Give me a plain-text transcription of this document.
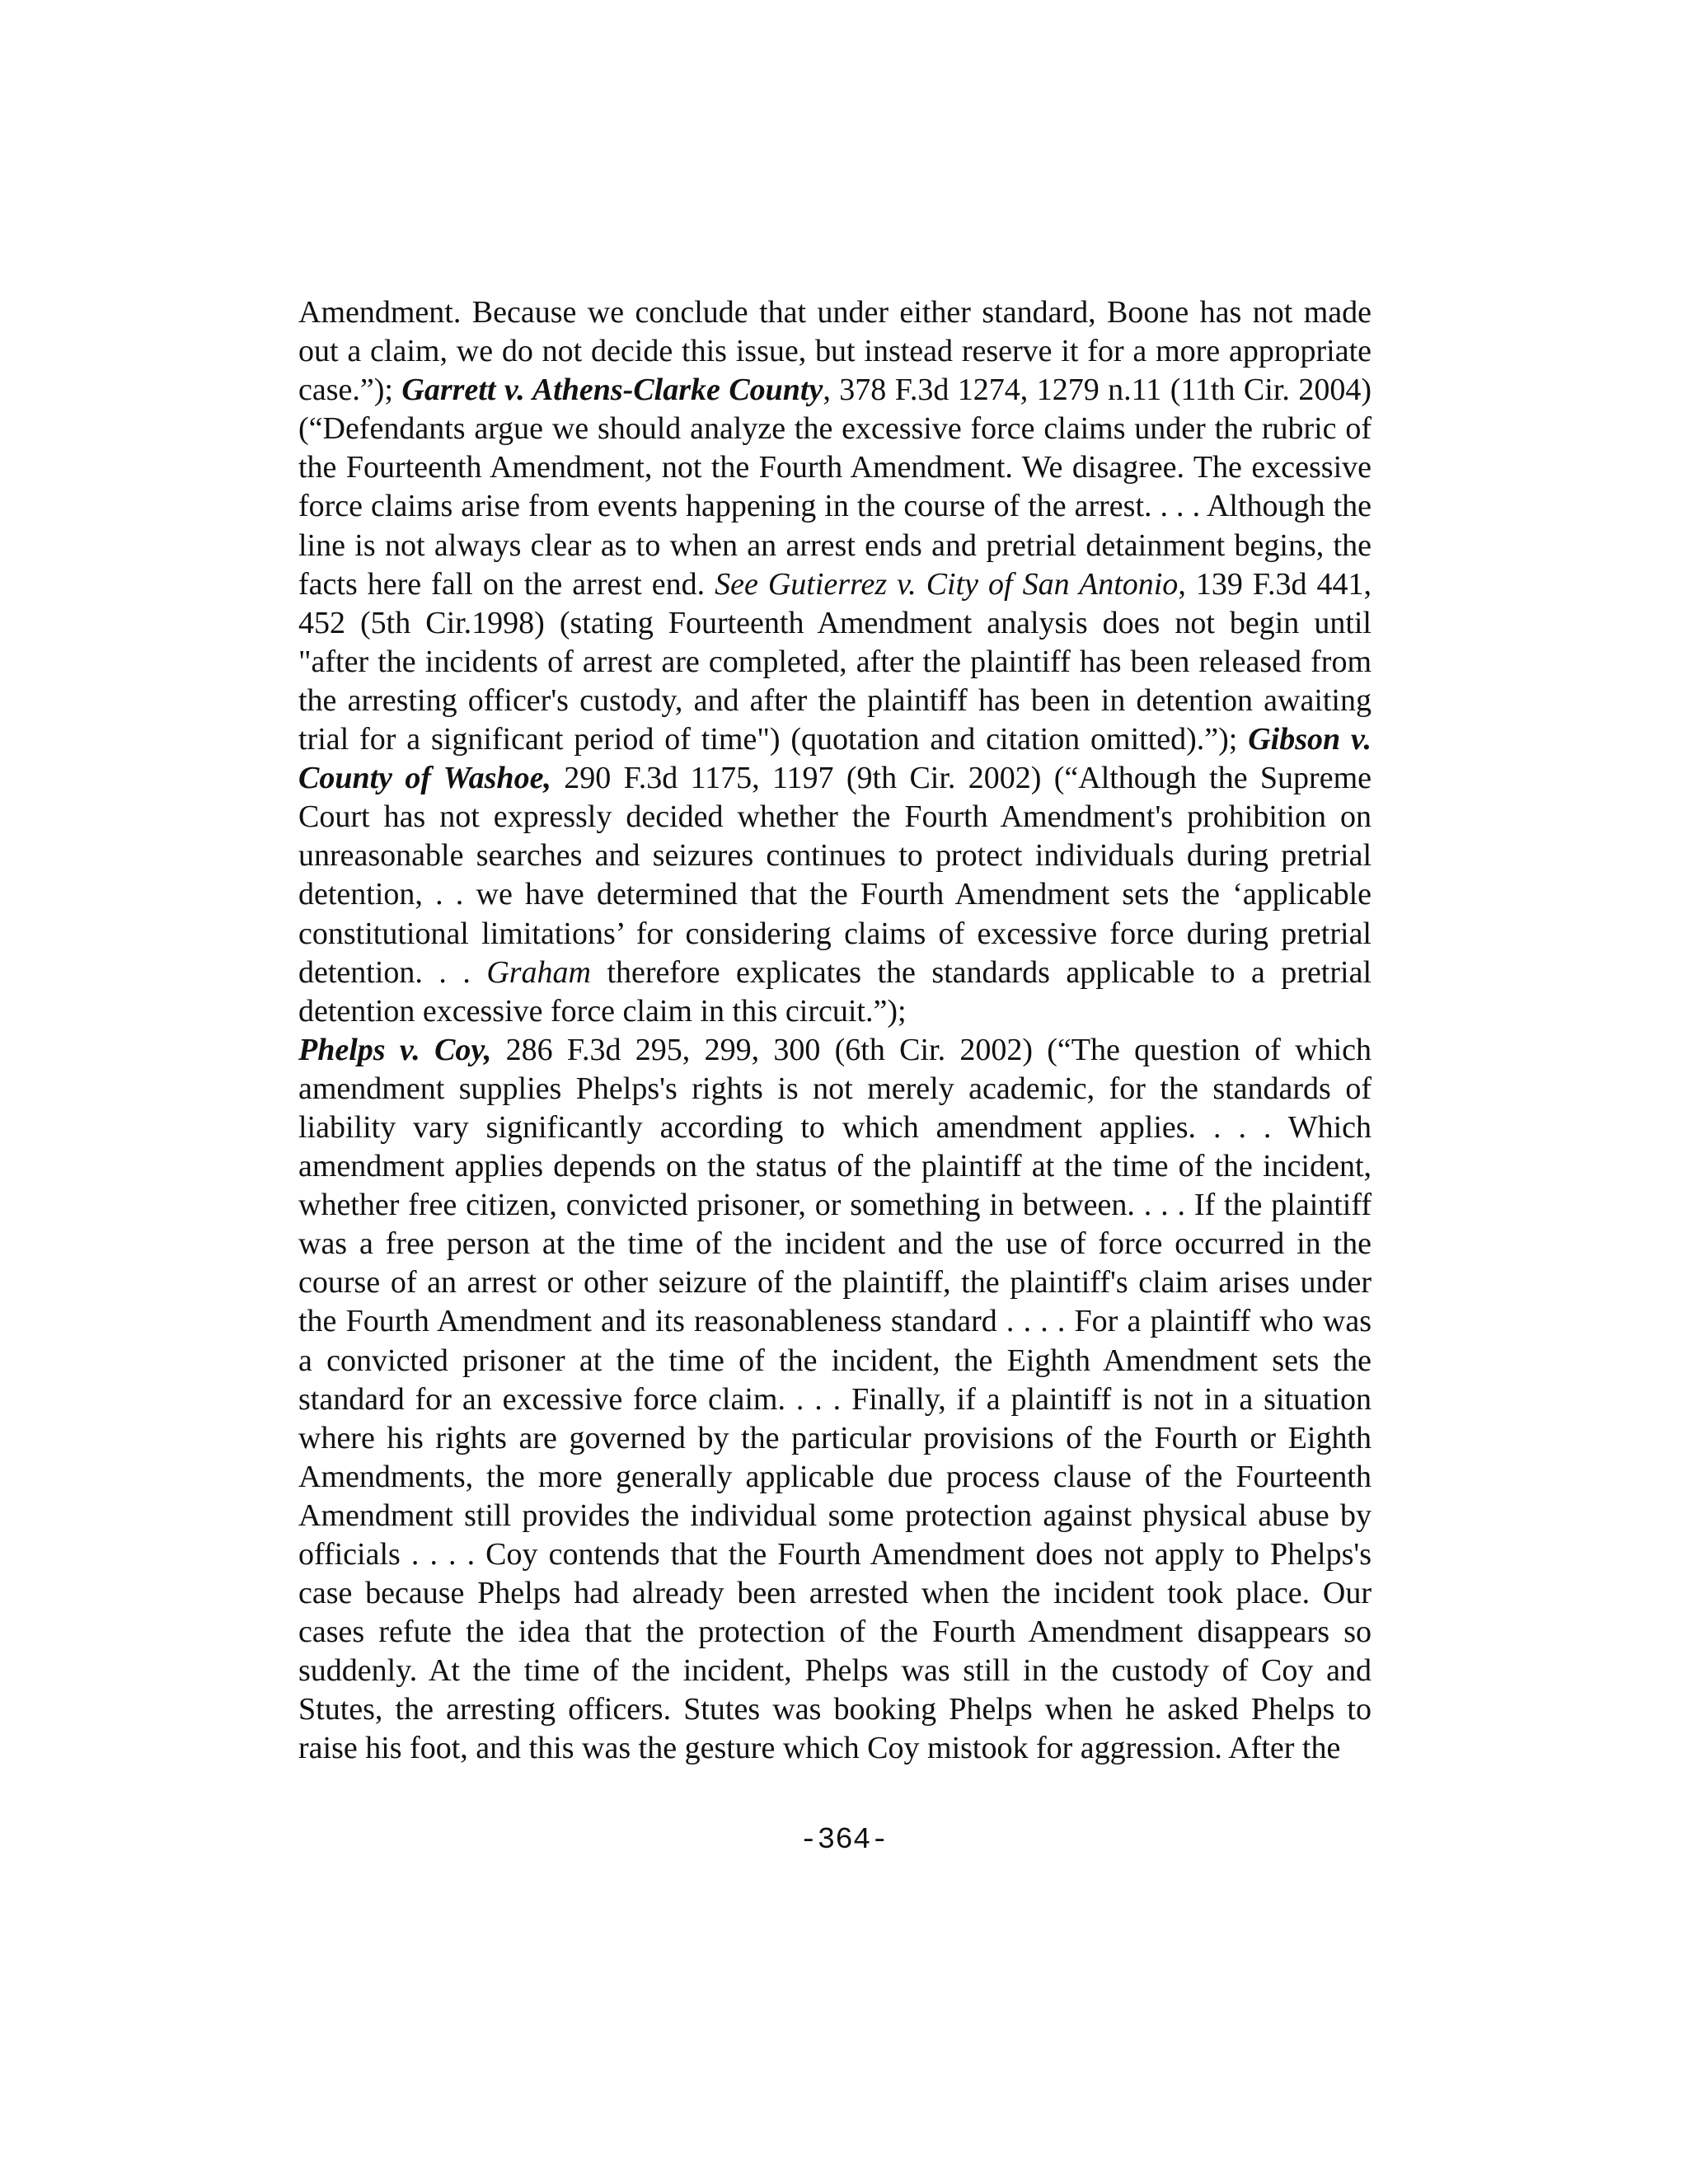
Amendment. Because we conclude that under either standard, Boone has not made out a claim, we do not decide this issue, but instead reserve it for a more appropriate case.”); Garrett v. Athens-Clarke County, 378 F.3d 1274, 1279 n.11 (11th Cir. 2004) (“Defendants argue we should analyze the excessive force claims under the rubric of the Fourteenth Amendment, not the Fourth Amendment. We disagree. The excessive force claims arise from events happening in the course of the arrest. . . . Although the line is not always clear as to when an arrest ends and pretrial detainment begins, the facts here fall on the arrest end. See Gutierrez v. City of San Antonio, 139 F.3d 441, 452 (5th Cir.1998) (stating Fourteenth Amendment analysis does not begin until "after the incidents of arrest are completed, after the plaintiff has been released from the arresting officer's custody, and after the plaintiff has been in detention awaiting trial for a significant period of time") (quotation and citation omitted).”); Gibson v. County of Washoe, 290 F.3d 1175, 1197 (9th Cir. 2002) (“Although the Supreme Court has not expressly decided whether the Fourth Amendment's prohibition on unreasonable searches and seizures continues to protect individuals during pretrial detention, . . we have determined that the Fourth Amendment sets the ‘applicable constitutional limitations’ for considering claims of excessive force during pretrial detention. . . Graham therefore explicates the standards applicable to a pretrial detention excessive force claim in this circuit.”);
Phelps v. Coy, 286 F.3d 295, 299, 300 (6th Cir. 2002) (“The question of which amendment supplies Phelps's rights is not merely academic, for the standards of liability vary significantly according to which amendment applies. . . . Which amendment applies depends on the status of the plaintiff at the time of the incident, whether free citizen, convicted prisoner, or something in between. . . . If the plaintiff was a free person at the time of the incident and the use of force occurred in the course of an arrest or other seizure of the plaintiff, the plaintiff's claim arises under the Fourth Amendment and its reasonableness standard . . . . For a plaintiff who was a convicted prisoner at the time of the incident, the Eighth Amendment sets the standard for an excessive force claim. . . . Finally, if a plaintiff is not in a situation where his rights are governed by the particular provisions of the Fourth or Eighth Amendments, the more generally applicable due process clause of the Fourteenth Amendment still provides the individual some protection against physical abuse by officials . . . . Coy contends that the Fourth Amendment does not apply to Phelps's case because Phelps had already been arrested when the incident took place. Our cases refute the idea that the protection of the Fourth Amendment disappears so suddenly. At the time of the incident, Phelps was still in the custody of Coy and Stutes, the arresting officers. Stutes was booking Phelps when he asked Phelps to raise his foot, and this was the gesture which Coy mistook for aggression. After the

-364-
